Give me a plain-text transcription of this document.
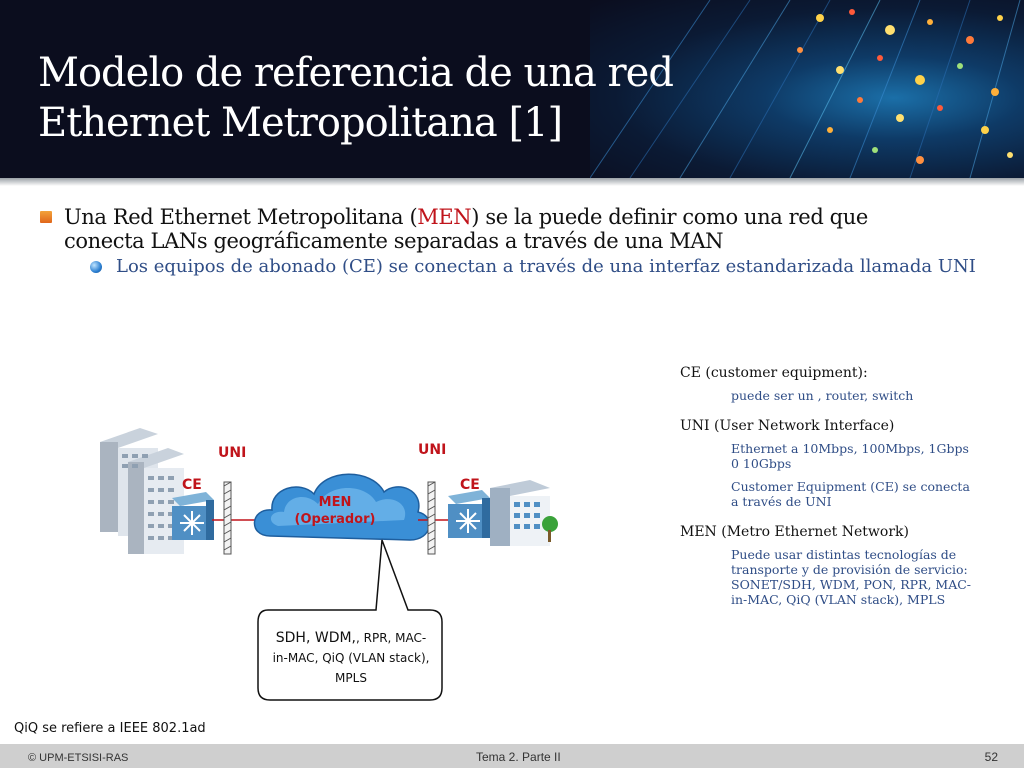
Modelo de referencia de una red
Ethernet Metropolitana [1]
Una Red Ethernet Metropolitana (MEN) se la puede definir como una red que conecta LANs geográficamente separadas a través de una MAN
Los equipos de abonado (CE) se conectan a través de una interfaz estandarizada llamada UNI
UNI	UNI
CE	CE
MEN
(Operador)
SDH, WDM,, RPR, MAC-
in-MAC, QiQ (VLAN stack),
MPLS
CE (customer equipment):
puede ser un , router, switch
UNI (User Network Interface)
Ethernet a 10Mbps, 100Mbps, 1Gbps 0 10Gbps
Customer Equipment (CE) se conecta a través de UNI
MEN (Metro Ethernet Network)
Puede usar distintas tecnologías de transporte y de provisión de servicio: SONET/SDH, WDM, PON, RPR, MAC-in-MAC, QiQ (VLAN stack), MPLS
QiQ se refiere a IEEE 802.1ad
© UPM-ETSISI-RAS	Tema 2. Parte II	52
